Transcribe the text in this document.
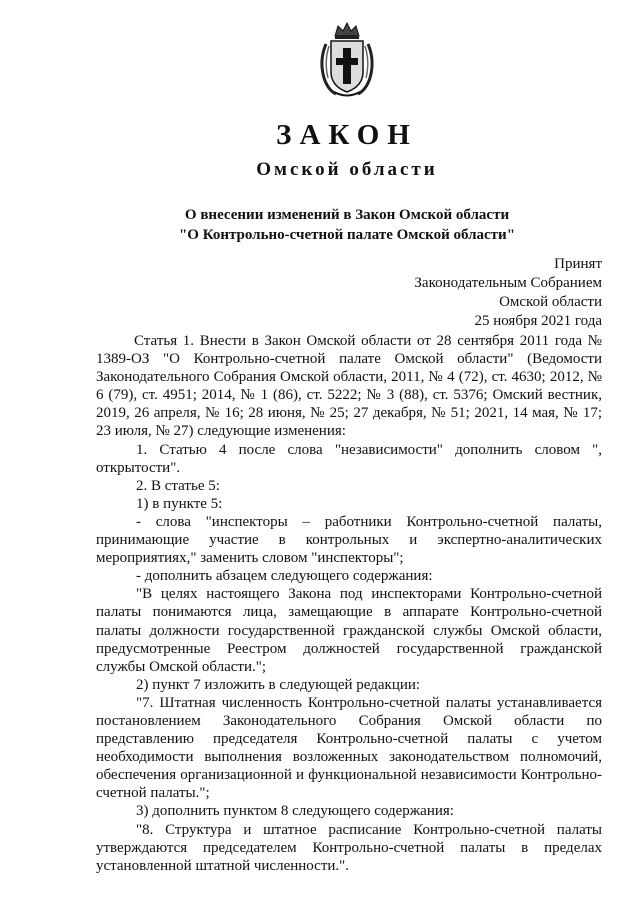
ЗАКОН
Омской области
О внесении изменений в Закон Омской области
"О Контрольно-счетной палате Омской области"
Принят
Законодательным Собранием
Омской области
25 ноября 2021 года

Статья 1. Внести в Закон Омской области от 28 сентября 2011 года № 1389-ОЗ "О Контрольно-счетной палате Омской области" (Ведомости Законодательного Собрания Омской области, 2011, № 4 (72), ст. 4630; 2012, № 6 (79), ст. 4951; 2014, № 1 (86), ст. 5222; № 3 (88), ст. 5376; Омский вестник, 2019, 26 апреля, № 16; 28 июня, № 25; 27 декабря, № 51; 2021, 14 мая, № 17; 23 июля, № 27) следующие изменения:

1. Статью 4 после слова "независимости" дополнить словом ", открытости".

2. В статье 5:

1) в пункте 5:

- слова "инспекторы – работники Контрольно-счетной палаты, принимающие участие в контрольных и экспертно-аналитических мероприятиях," заменить словом "инспекторы";

- дополнить абзацем следующего содержания:

"В целях настоящего Закона под инспекторами Контрольно-счетной палаты понимаются лица, замещающие в аппарате Контрольно-счетной палаты должности государственной гражданской службы Омской области, предусмотренные Реестром должностей государственной гражданской службы Омской области.";

2) пункт 7 изложить в следующей редакции:

"7. Штатная численность Контрольно-счетной палаты устанавливается постановлением Законодательного Собрания Омской области по представлению председателя Контрольно-счетной палаты с учетом необходимости выполнения возложенных законодательством полномочий, обеспечения организационной и функциональной независимости Контрольно-счетной палаты.";

3) дополнить пунктом 8 следующего содержания:

"8. Структура и штатное расписание Контрольно-счетной палаты утверждаются председателем Контрольно-счетной палаты в пределах установленной штатной численности.".
